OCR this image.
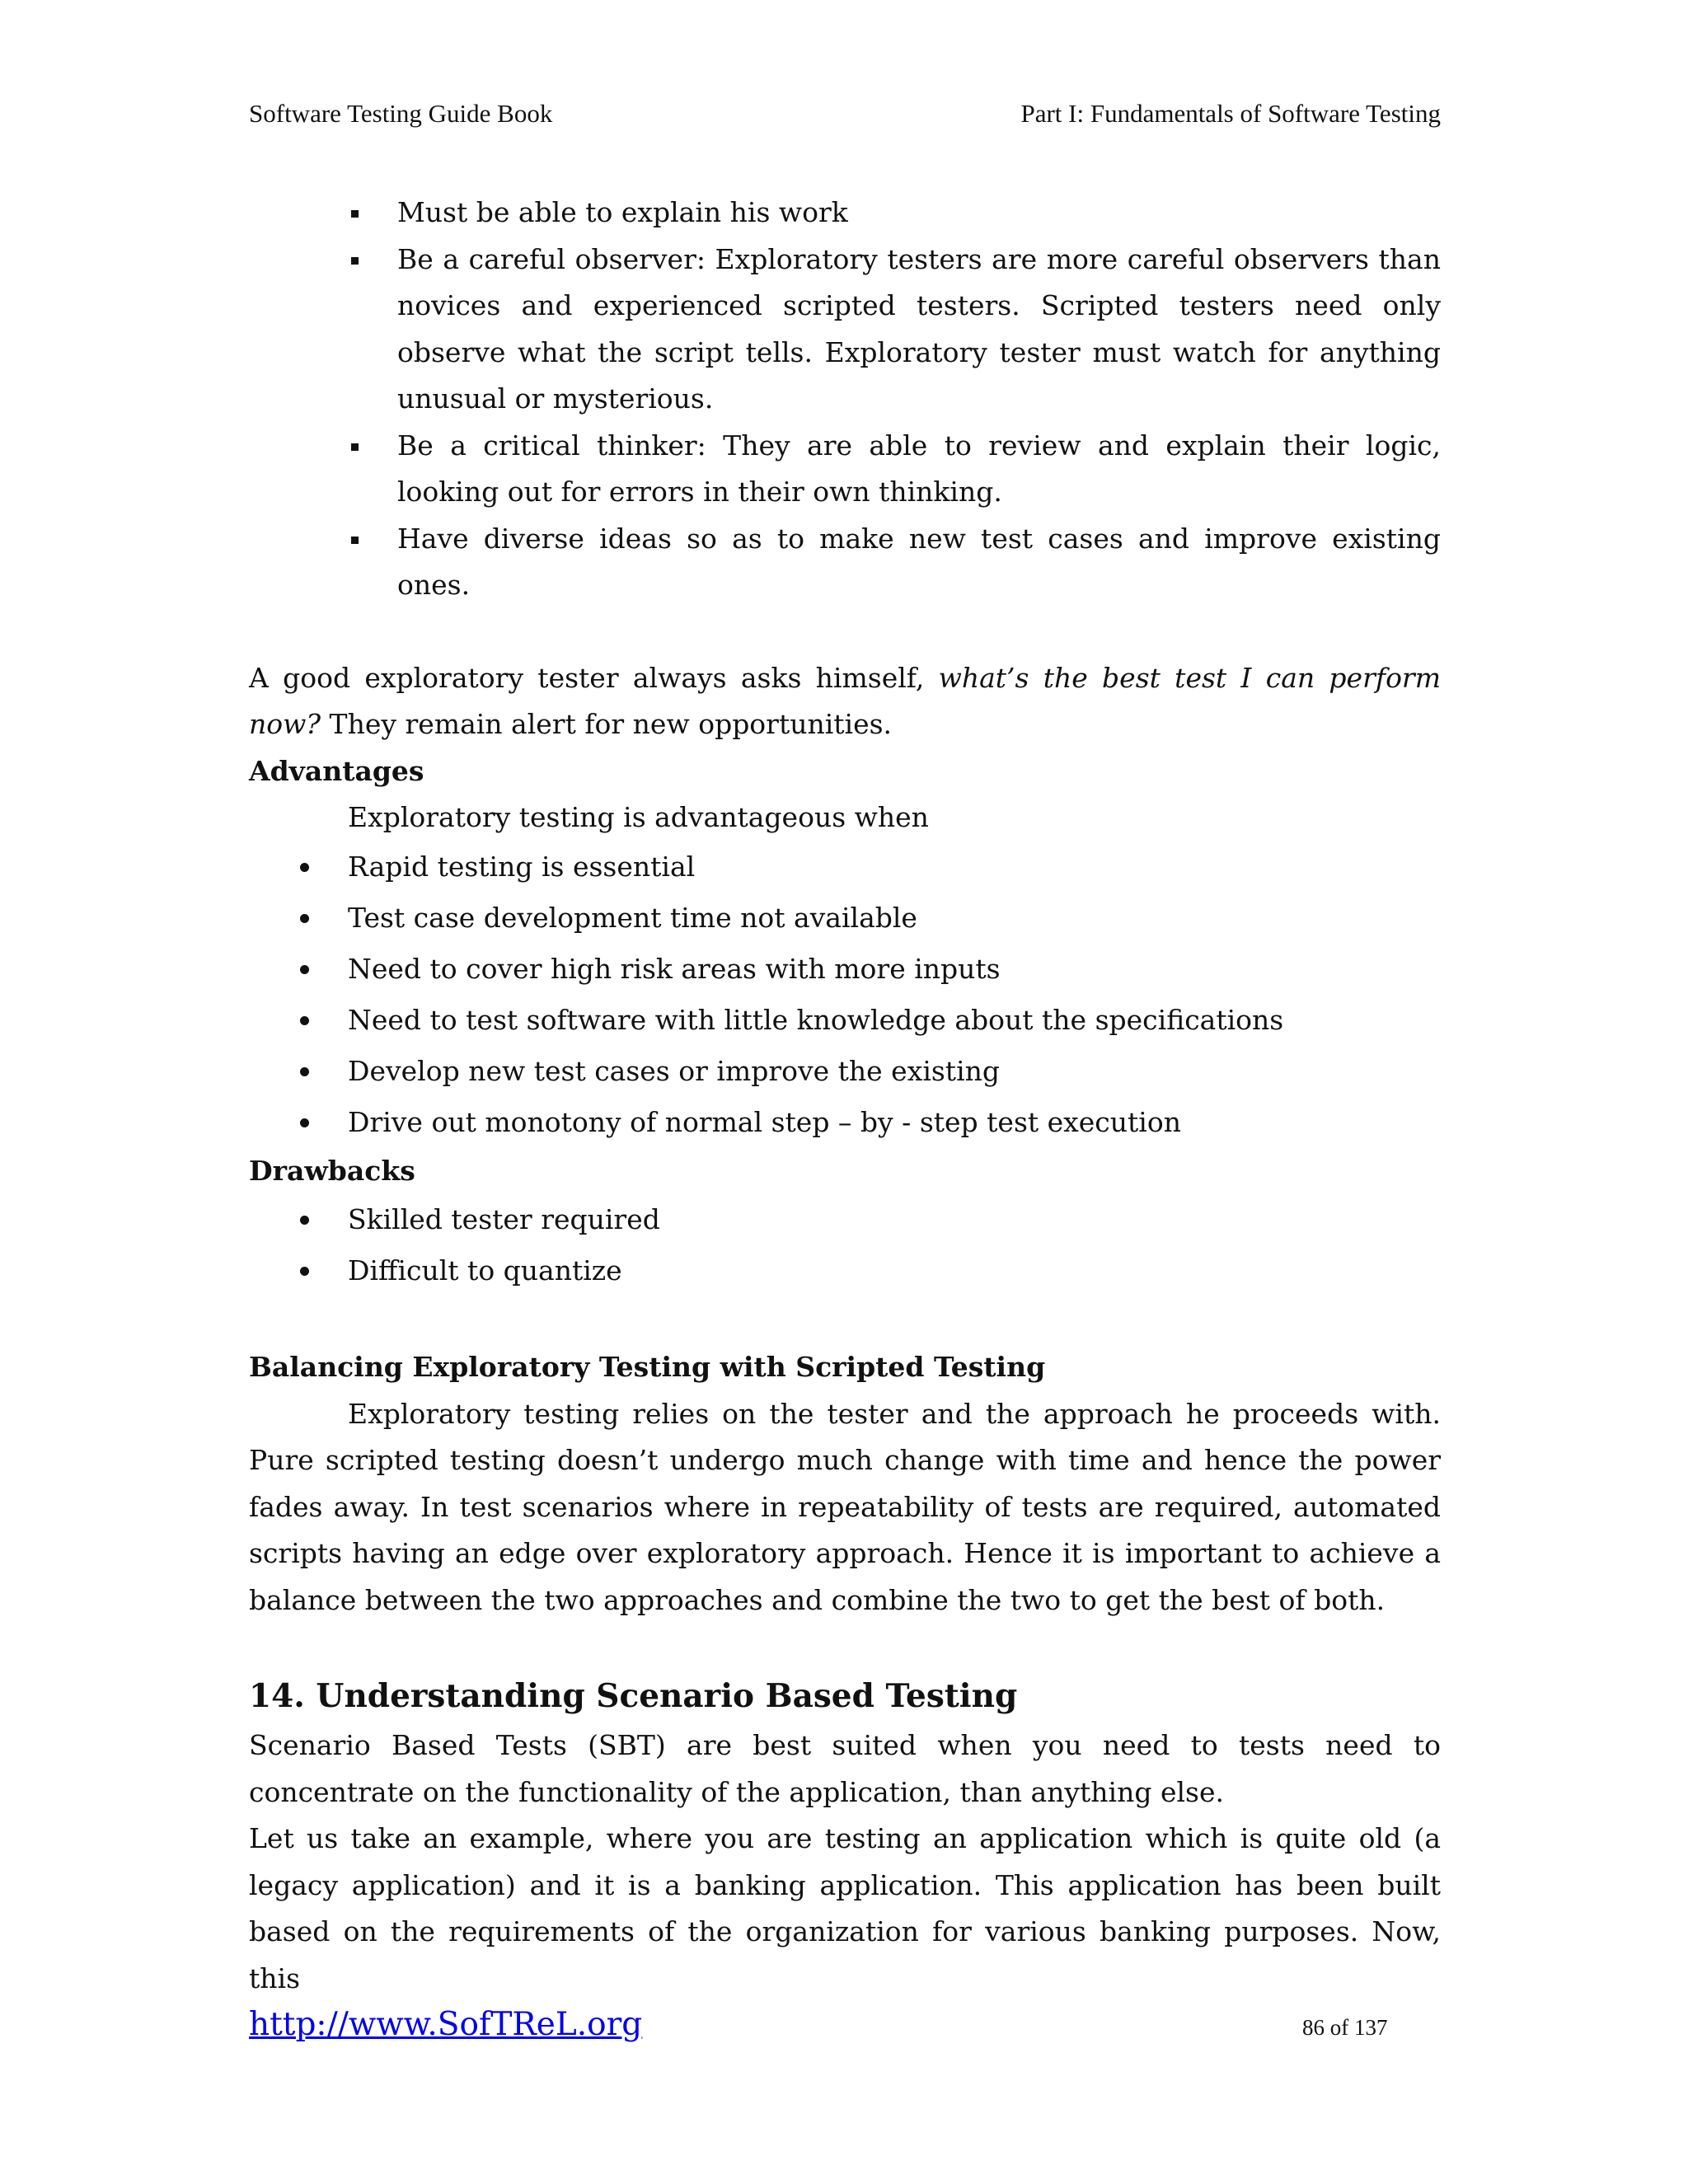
Software Testing Guide Book	Part I: Fundamentals of Software Testing
Must be able to explain his work
Be a careful observer: Exploratory testers are more careful observers than novices and experienced scripted testers. Scripted testers need only observe what the script tells. Exploratory tester must watch for anything unusual or mysterious.
Be a critical thinker: They are able to review and explain their logic, looking out for errors in their own thinking.
Have diverse ideas so as to make new test cases and improve existing ones.

A good exploratory tester always asks himself, what’s the best test I can perform now? They remain alert for new opportunities.

Advantages

Exploratory testing is advantageous when

Rapid testing is essential
Test case development time not available
Need to cover high risk areas with more inputs
Need to test software with little knowledge about the specifications
Develop new test cases or improve the existing
Drive out monotony of normal step – by - step test execution

Drawbacks

Skilled tester required
Difficult to quantize

Balancing Exploratory Testing with Scripted Testing

Exploratory testing relies on the tester and the approach he proceeds with. Pure scripted testing doesn’t undergo much change with time and hence the power fades away. In test scenarios where in repeatability of tests are required, automated scripts having an edge over exploratory approach. Hence it is important to achieve a balance between the two approaches and combine the two to get the best of both.

14. Understanding Scenario Based Testing

Scenario Based Tests (SBT) are best suited when you need to tests need to concentrate on the functionality of the application, than anything else.

Let us take an example, where you are testing an application which is quite old (a legacy application) and it is a banking application. This application has been built based on the requirements of the organization for various banking purposes. Now, this

http://www.SofTReL.org	86 of 137
